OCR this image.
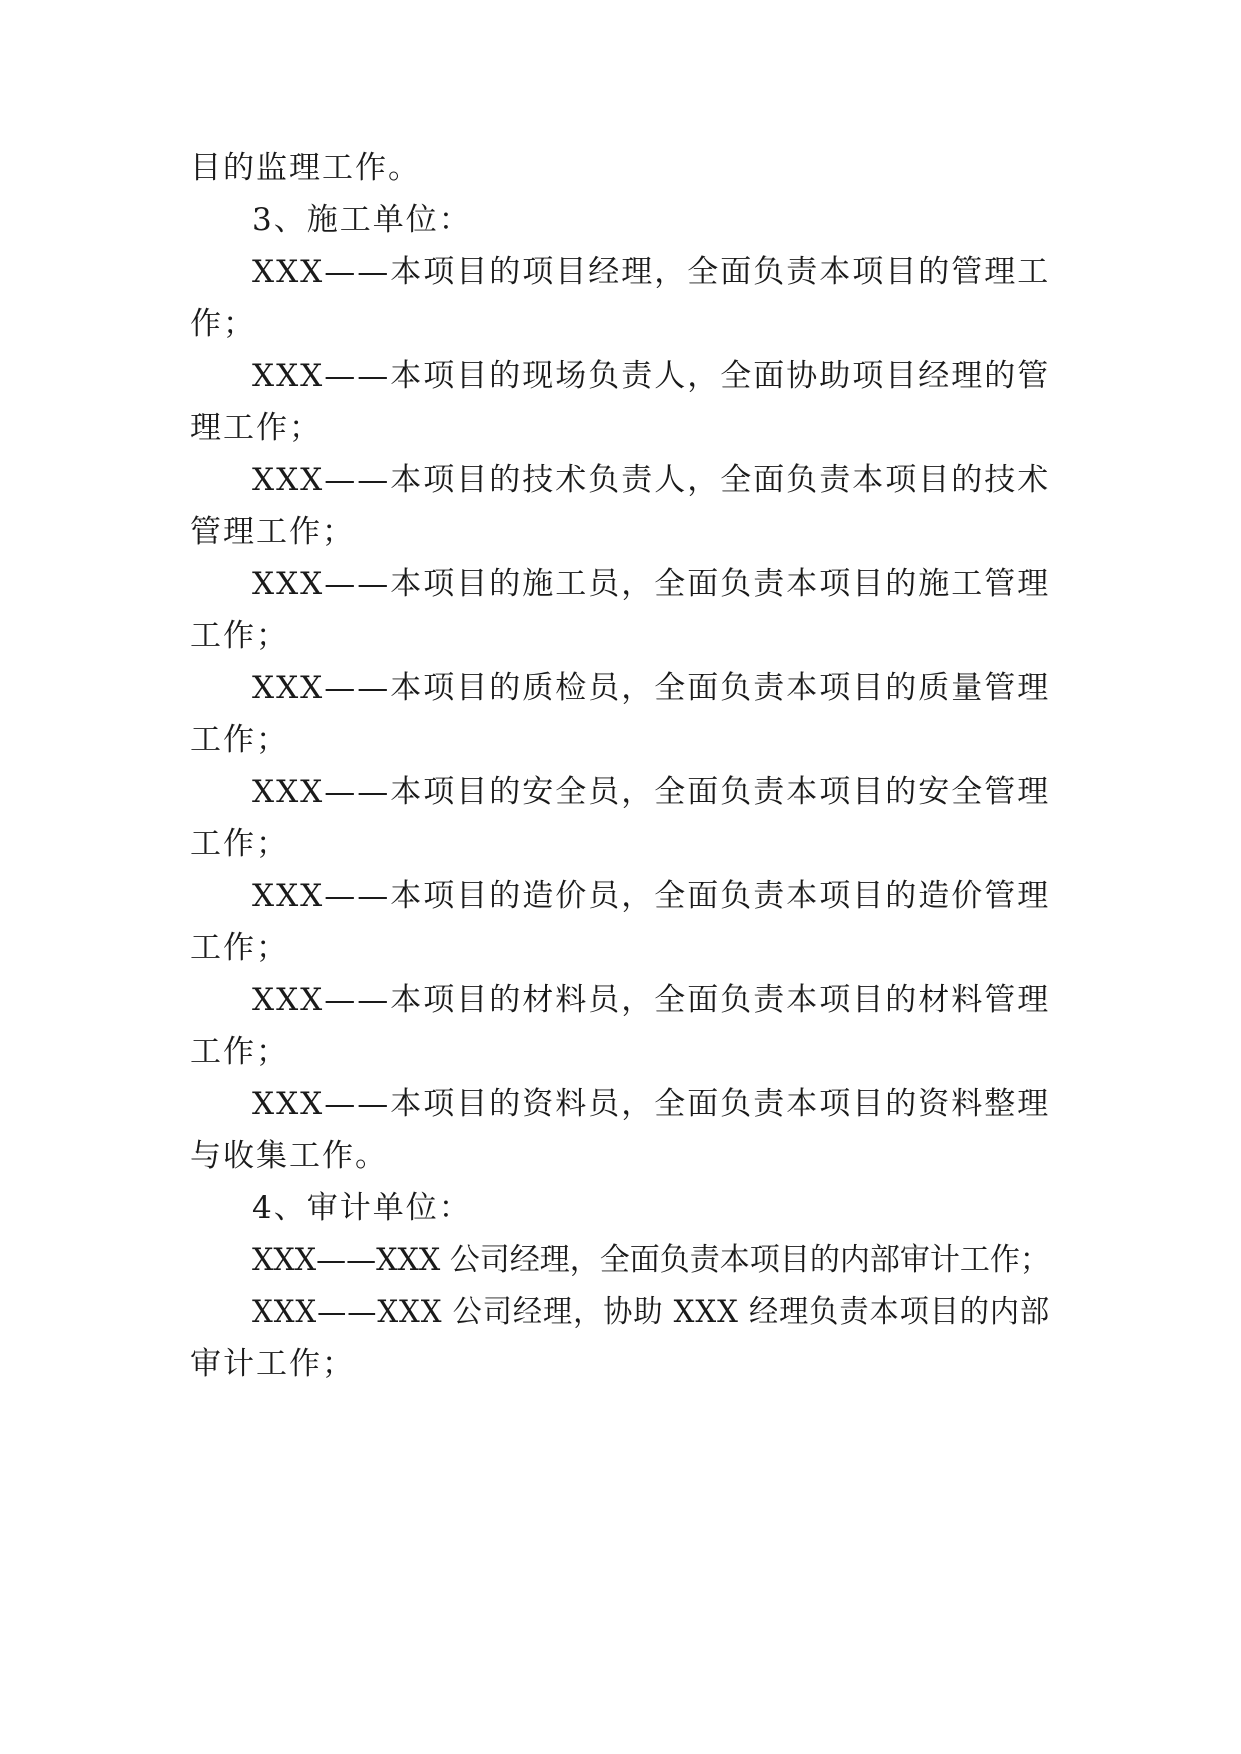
目的监理工作。
3、施工单位：
XXX——本项目的项目经理，全面负责本项目的管理工
作；
XXX——本项目的现场负责人，全面协助项目经理的管
理工作；
XXX——本项目的技术负责人，全面负责本项目的技术
管理工作；
XXX——本项目的施工员，全面负责本项目的施工管理
工作；
XXX——本项目的质检员，全面负责本项目的质量管理
工作；
XXX——本项目的安全员，全面负责本项目的安全管理
工作；
XXX——本项目的造价员，全面负责本项目的造价管理
工作；
XXX——本项目的材料员，全面负责本项目的材料管理
工作；
XXX——本项目的资料员，全面负责本项目的资料整理
与收集工作。
4、审计单位：
XXX——XXX 公司经理，全面负责本项目的内部审计工作；
XXX——XXX 公司经理，协助 XXX 经理负责本项目的内部
审计工作；
